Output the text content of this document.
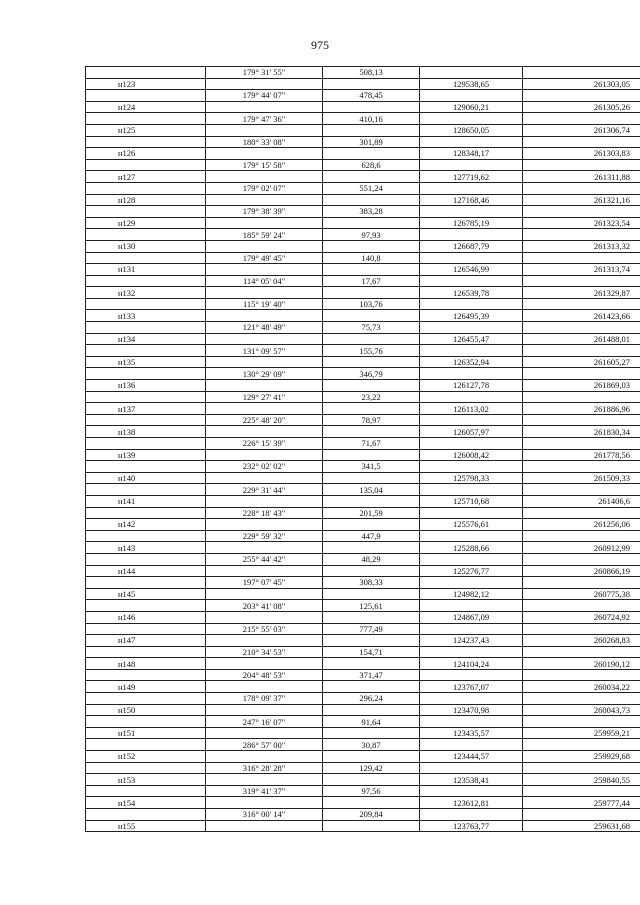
975
	179° 31' 55"	508,13		
н123			129538,65	261303,05
	179° 44' 07"	478,45		
н124			129060,21	261305,26
	179° 47' 36"	410,16		
н125			128650,05	261306,74
	180° 33' 08"	301,89		
н126			128348,17	261303,83
	179° 15' 58"	628,6		
н127			127719,62	261311,88
	179° 02' 07"	551,24		
н128			127168,46	261321,16
	179° 38' 39"	383,28		
н129			126785,19	261323,54
	185° 59' 24"	97,93		
н130			126687,79	261313,32
	179° 49' 45"	140,8		
н131			126546,99	261313,74
	114° 05' 04"	17,67		
н132			126539,78	261329,87
	115° 19' 40"	103,76		
н133			126495,39	261423,66
	121° 48' 49"	75,73		
н134			126455,47	261488,01
	131° 09' 57"	155,76		
н135			126352,94	261605,27
	130° 29' 09"	346,79		
н136			126127,78	261869,03
	129° 27' 41"	23,22		
н137			126113,02	261886,96
	225° 48' 20"	78,97		
н138			126057,97	261830,34
	226° 15' 39"	71,67		
н139			126008,42	261778,56
	232° 02' 02"	341,5		
н140			125798,33	261509,33
	229° 31' 44"	135,04		
н141			125710,68	261406,6
	228° 18' 43"	201,59		
н142			125576,61	261256,06
	229° 59' 32"	447,9		
н143			125288,66	260912,99
	255° 44' 42"	48,29		
н144			125276,77	260866,19
	197° 07' 45"	308,33		
н145			124982,12	260775,38
	203° 41' 08"	125,61		
н146			124867,09	260724,92
	215° 55' 03"	777,49		
н147			124237,43	260268,83
	210° 34' 53"	154,71		
н148			124104,24	260190,12
	204° 48' 53"	371,47		
н149			123767,07	260034,22
	178° 09' 37"	296,24		
н150			123470,98	260043,73
	247° 16' 07"	91,64		
н151			123435,57	259959,21
	286° 57' 00"	30,87		
н152			123444,57	259929,68
	316° 28' 28"	129,42		
н153			123538,41	259840,55
	319° 41' 37"	97,56		
н154			123612,81	259777,44
	316° 00' 14"	209,84		
н155			123763,77	259631,68
